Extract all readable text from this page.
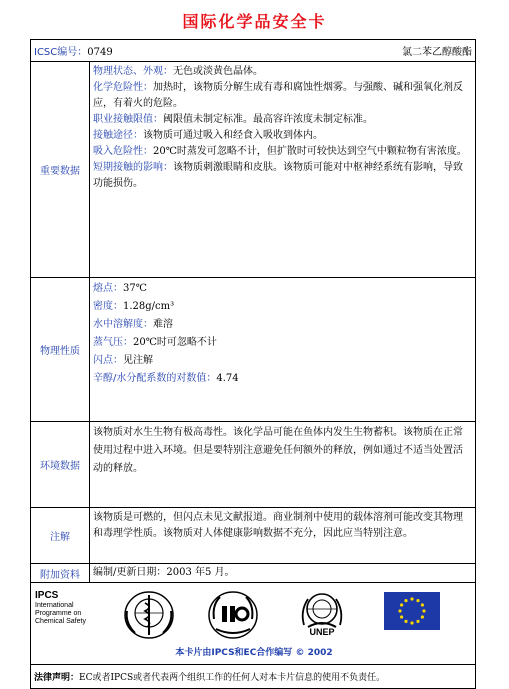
国际化学品安全卡
ICSC编号：0749	氯二苯乙醇酸酯
重要数据
物理状态、外观：无色或淡黄色晶体。
化学危险性：加热时，该物质分解生成有毒和腐蚀性烟雾。与强酸、碱和强氧化剂反应，有着火的危险。
职业接触限值：阈限值未制定标准。最高容许浓度未制定标准。
接触途径：该物质可通过吸入和经食入吸收到体内。
吸入危险性：20℃时蒸发可忽略不计，但扩散时可较快达到空气中颗粒物有害浓度。
短期接触的影响：该物质刺激眼睛和皮肤。该物质可能对中枢神经系统有影响，导致功能损伤。
物理性质
熔点：37℃
密度：1.28g/cm³
水中溶解度：难溶
蒸气压：20℃时可忽略不计
闪点：见注解
辛醇/水分配系数的对数值：4.74
环境数据
该物质对水生生物有极高毒性。该化学品可能在鱼体内发生生物蓄积。该物质在正常使用过程中进入环境。但是要特别注意避免任何额外的释放，例如通过不适当处置活动的释放。
注解
该物质是可燃的，但闪点未见文献报道。商业制剂中使用的载体溶剂可能改变其物理和毒理学性质。该物质对人体健康影响数据不充分，因此应当特别注意。
附加资料	编制/更新日期：2003 年5 月。
IPCS
International
Programme on
Chemical Safety
UNEP
本卡片由IPCS和EC合作编写 © 2002
法律声明： EC或者IPCS或者代表两个组织工作的任何人对本卡片信息的使用不负责任。
